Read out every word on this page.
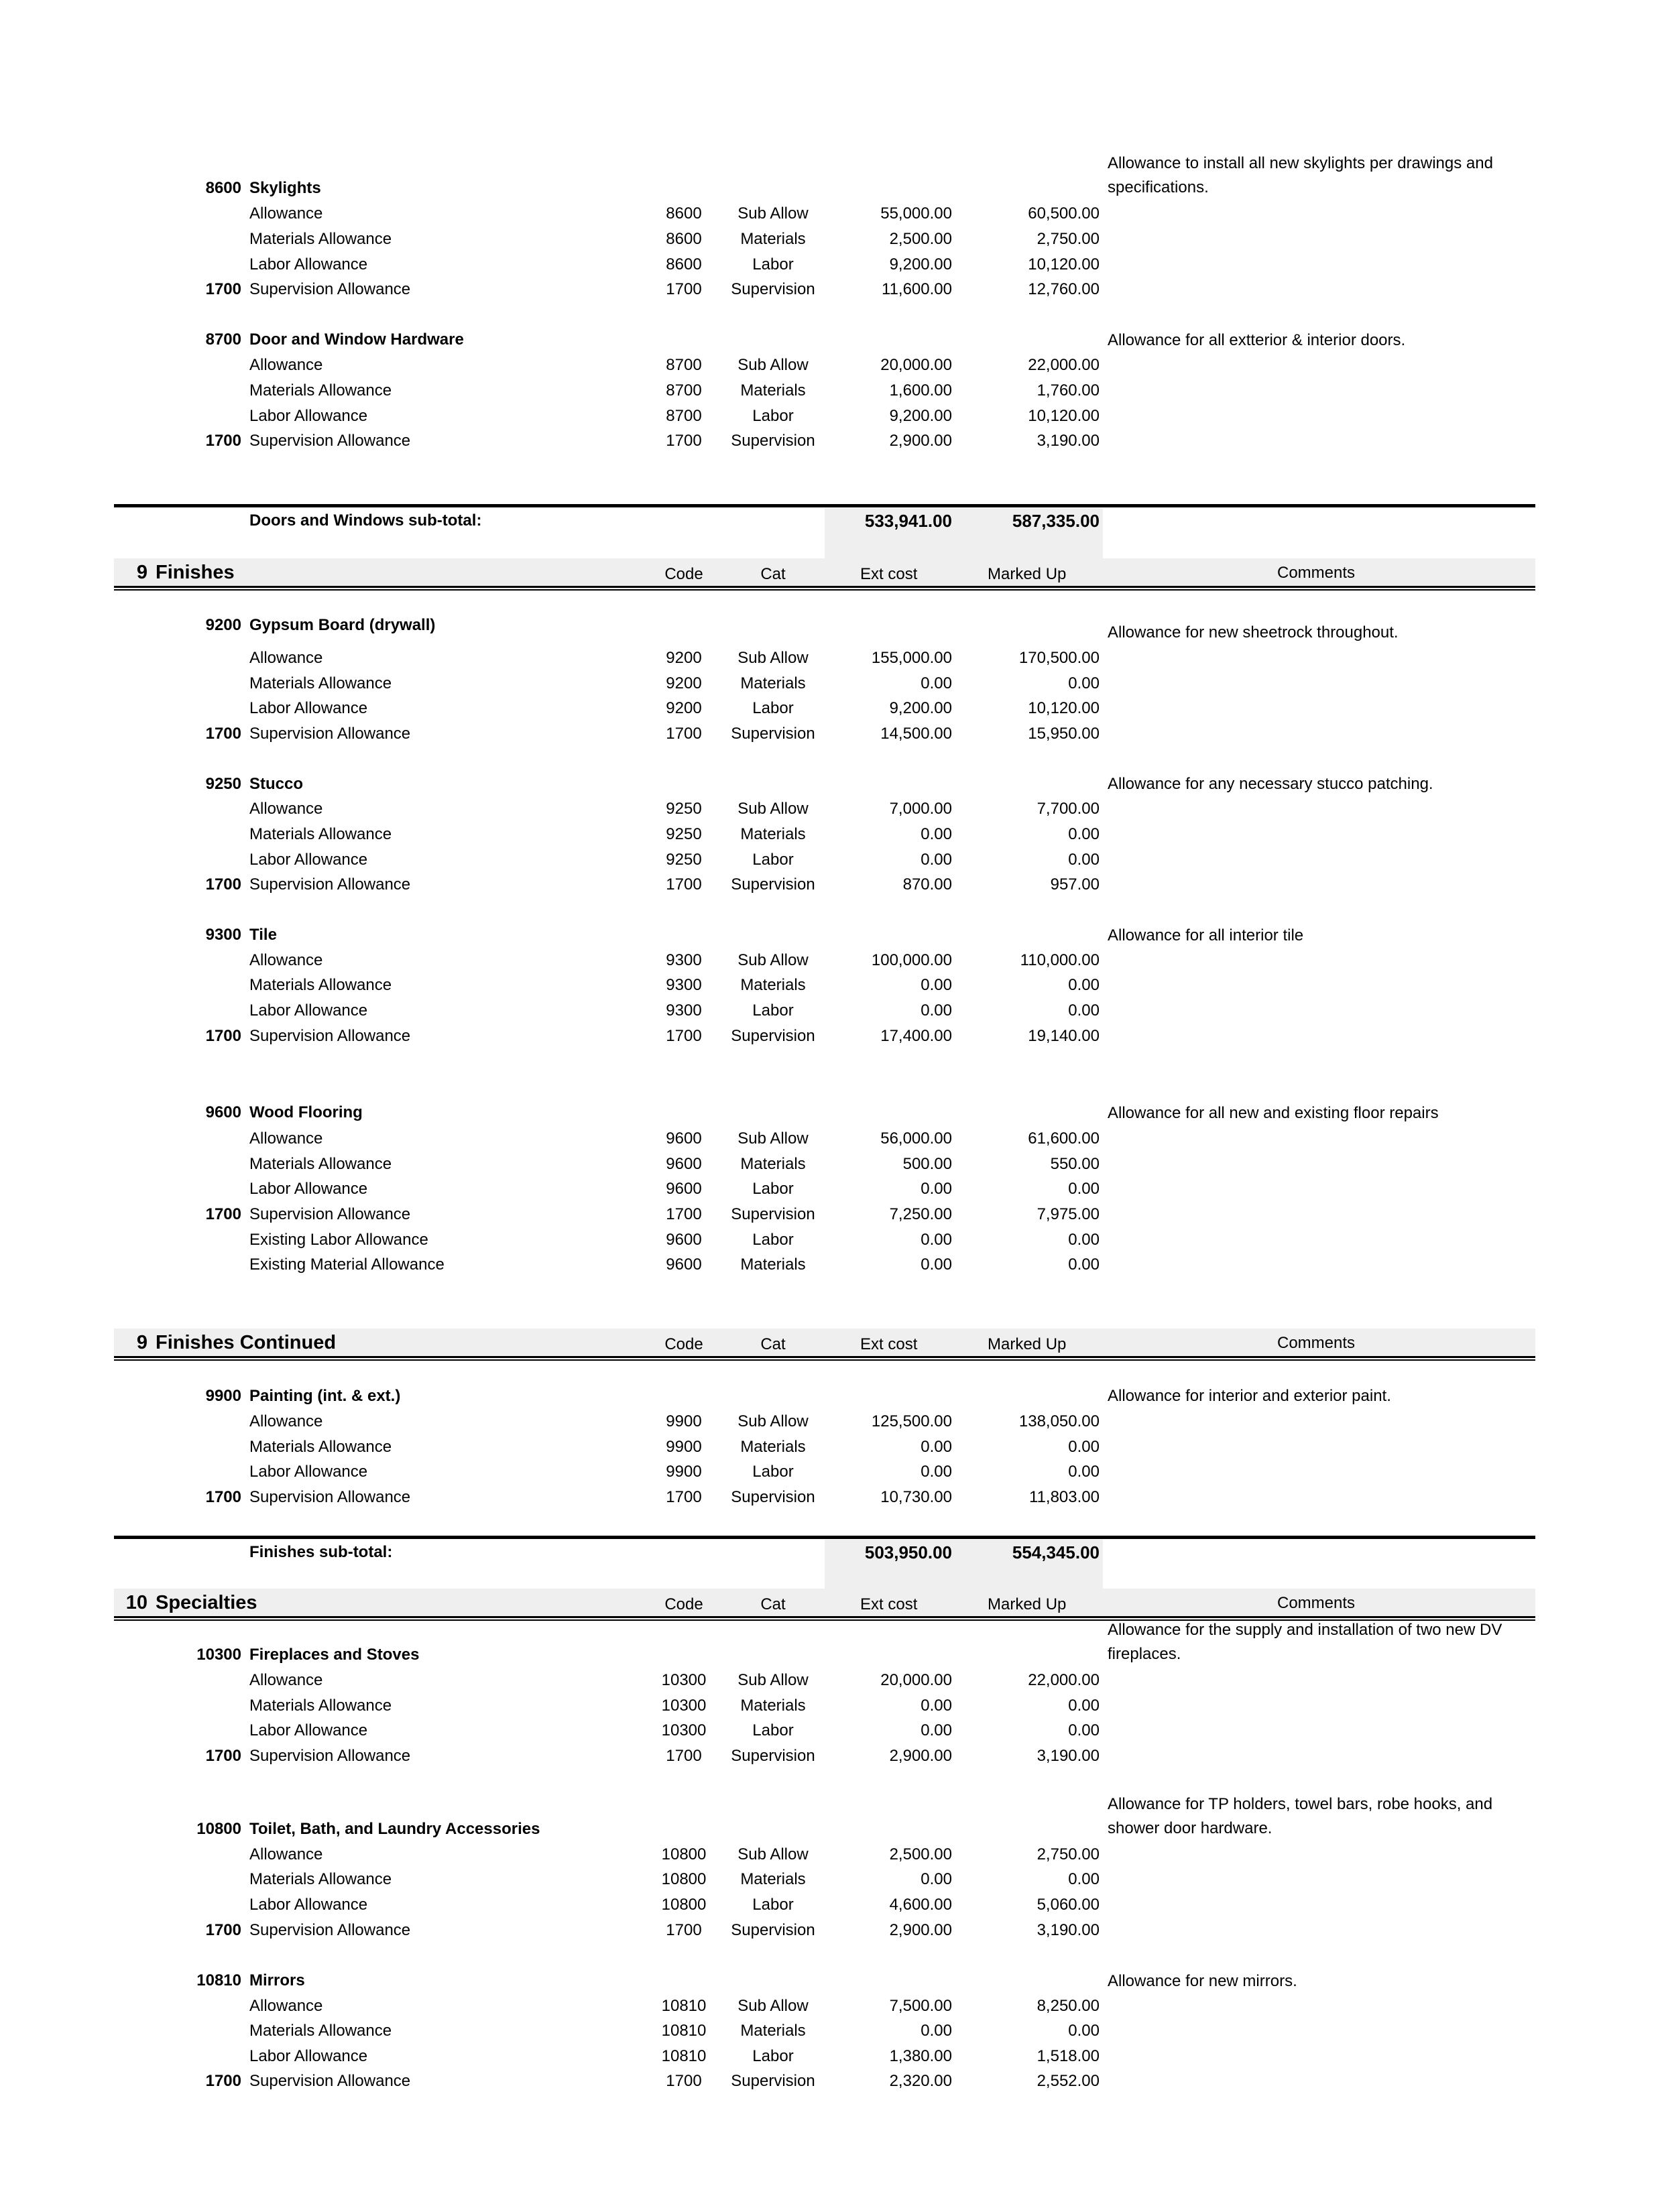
Allowance to install all new skylights per drawings and specifications.
8600 Skylights
Allowance	8600	Sub Allow	55,000.00	60,500.00
Materials Allowance	8600	Materials	2,500.00	2,750.00
Labor Allowance	8600	Labor	9,200.00	10,120.00
1700 Supervision Allowance	1700	Supervision	11,600.00	12,760.00
Allowance for all extterior & interior doors.
8700 Door and Window Hardware
Allowance	8700	Sub Allow	20,000.00	22,000.00
Materials Allowance	8700	Materials	1,600.00	1,760.00
Labor Allowance	8700	Labor	9,200.00	10,120.00
1700 Supervision Allowance	1700	Supervision	2,900.00	3,190.00
Doors and Windows sub-total:	533,941.00	587,335.00
9 Finishes	Code	Cat	Ext cost	Marked Up	Comments
Allowance for new sheetrock throughout.
9200 Gypsum Board (drywall)
Allowance	9200	Sub Allow	155,000.00	170,500.00
Materials Allowance	9200	Materials	0.00	0.00
Labor Allowance	9200	Labor	9,200.00	10,120.00
1700 Supervision Allowance	1700	Supervision	14,500.00	15,950.00
Allowance for any necessary stucco patching.
9250 Stucco
Allowance	9250	Sub Allow	7,000.00	7,700.00
Materials Allowance	9250	Materials	0.00	0.00
Labor Allowance	9250	Labor	0.00	0.00
1700 Supervision Allowance	1700	Supervision	870.00	957.00
Allowance for all interior tile
9300 Tile
Allowance	9300	Sub Allow	100,000.00	110,000.00
Materials Allowance	9300	Materials	0.00	0.00
Labor Allowance	9300	Labor	0.00	0.00
1700 Supervision Allowance	1700	Supervision	17,400.00	19,140.00
Allowance for all new and existing floor repairs
9600 Wood Flooring
Allowance	9600	Sub Allow	56,000.00	61,600.00
Materials Allowance	9600	Materials	500.00	550.00
Labor Allowance	9600	Labor	0.00	0.00
1700 Supervision Allowance	1700	Supervision	7,250.00	7,975.00
Existing Labor Allowance	9600	Labor	0.00	0.00
Existing Material Allowance	9600	Materials	0.00	0.00
9 Finishes Continued	Code	Cat	Ext cost	Marked Up	Comments
Allowance for interior and exterior paint.
9900 Painting (int. & ext.)
Allowance	9900	Sub Allow	125,500.00	138,050.00
Materials Allowance	9900	Materials	0.00	0.00
Labor Allowance	9900	Labor	0.00	0.00
1700 Supervision Allowance	1700	Supervision	10,730.00	11,803.00
Finishes sub-total:	503,950.00	554,345.00
10 Specialties	Code	Cat	Ext cost	Marked Up	Comments
Allowance for the supply and installation of two new DV fireplaces.
10300 Fireplaces and Stoves
Allowance	10300	Sub Allow	20,000.00	22,000.00
Materials Allowance	10300	Materials	0.00	0.00
Labor Allowance	10300	Labor	0.00	0.00
1700 Supervision Allowance	1700	Supervision	2,900.00	3,190.00
Allowance for TP holders, towel bars, robe hooks, and shower door hardware.
10800 Toilet, Bath, and Laundry Accessories
Allowance	10800	Sub Allow	2,500.00	2,750.00
Materials Allowance	10800	Materials	0.00	0.00
Labor Allowance	10800	Labor	4,600.00	5,060.00
1700 Supervision Allowance	1700	Supervision	2,900.00	3,190.00
Allowance for new mirrors.
10810 Mirrors
Allowance	10810	Sub Allow	7,500.00	8,250.00
Materials Allowance	10810	Materials	0.00	0.00
Labor Allowance	10810	Labor	1,380.00	1,518.00
1700 Supervision Allowance	1700	Supervision	2,320.00	2,552.00
